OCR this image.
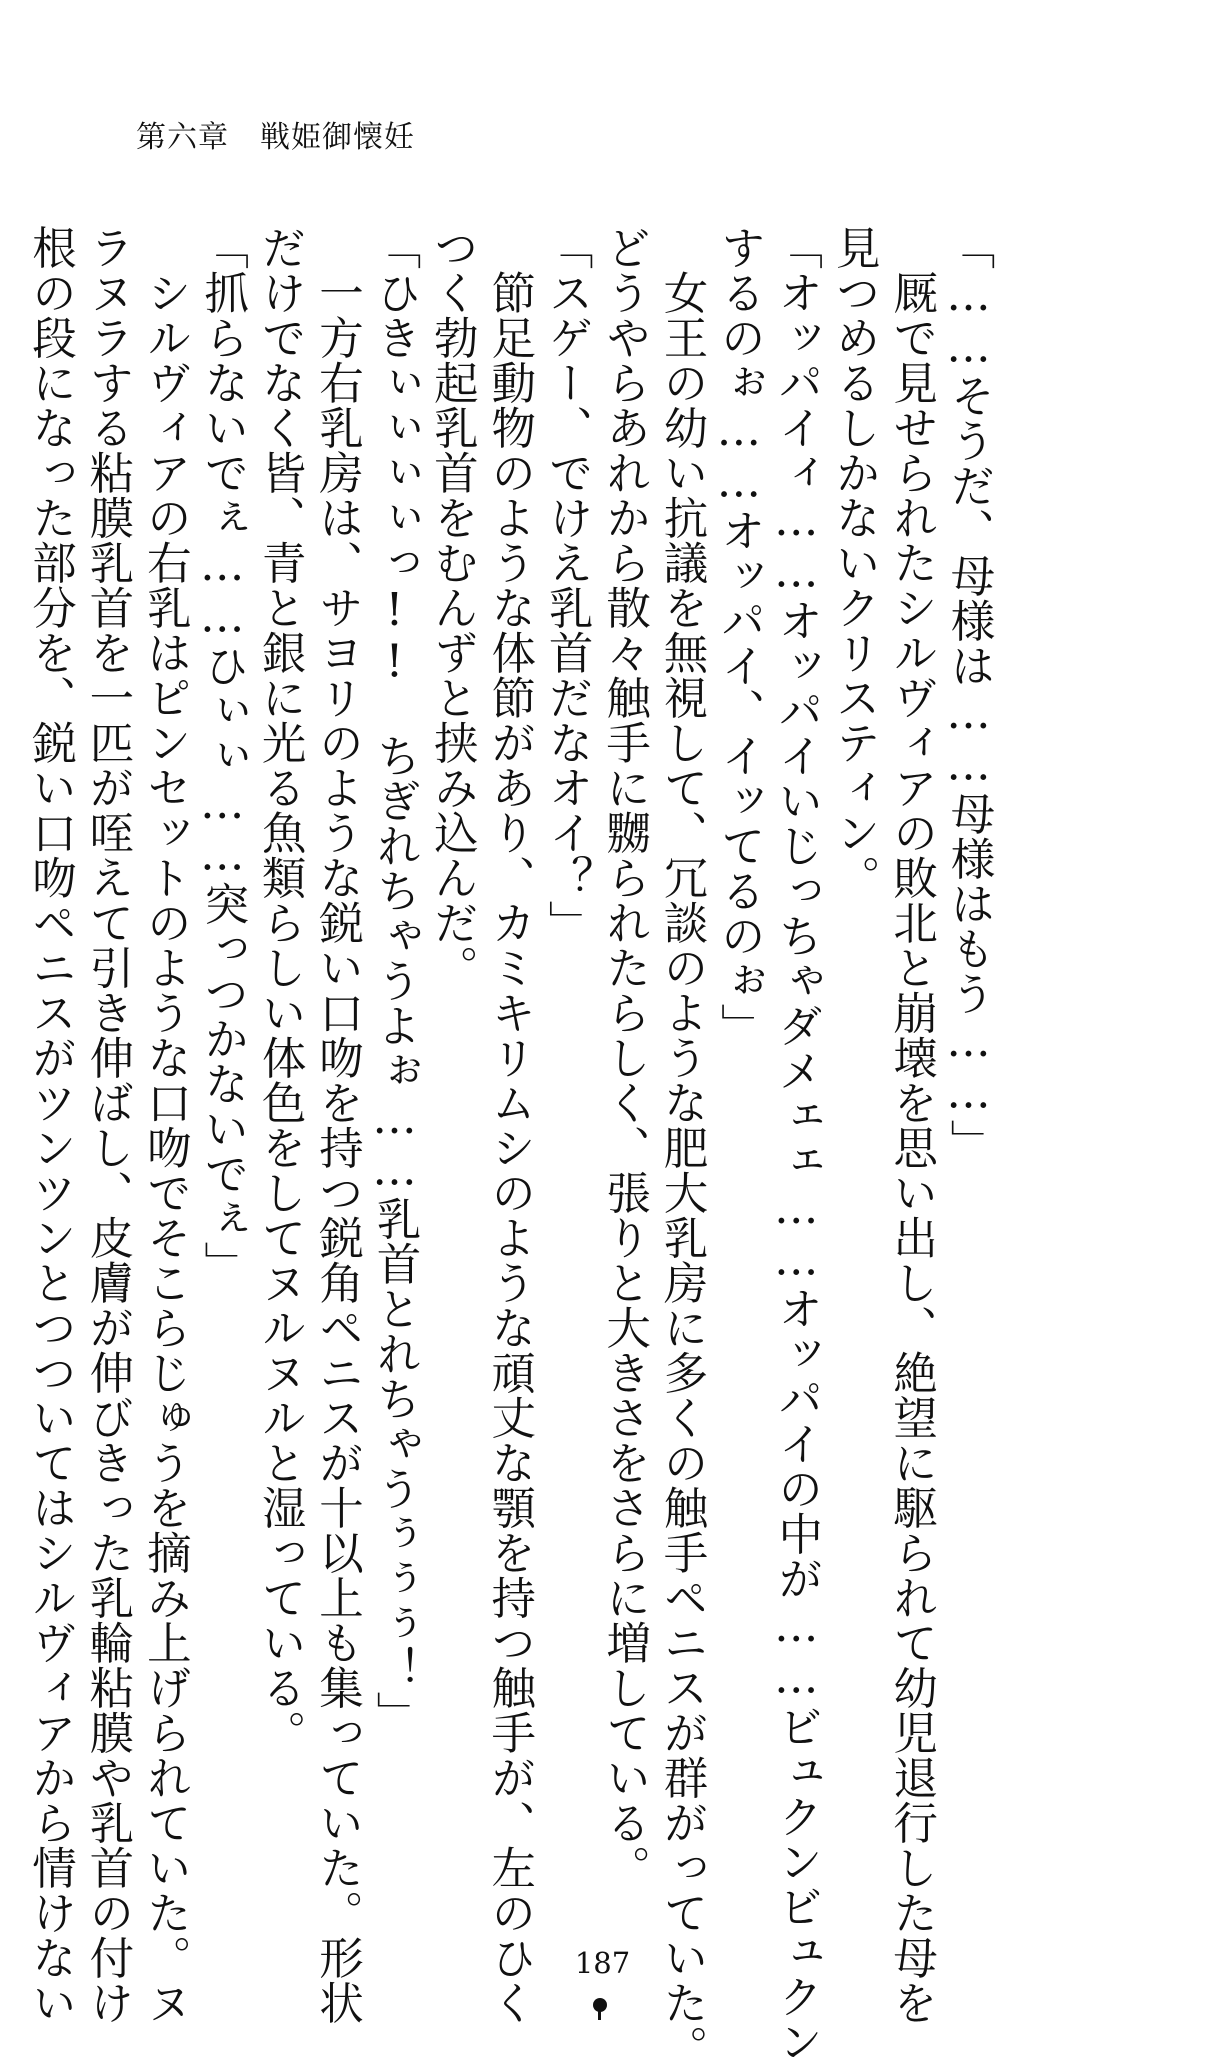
第六章　戦姫御懐妊
「……そうだ、母様は……母様はもう……」
　厩で見せられたシルヴィアの敗北と崩壊を思い出し、絶望に駆られて幼児退行した母を
見つめるしかないクリスティン。
「オッパイィ……オッパイいじっちゃダメェェ……オッパイの中が……ビュクンビュクン
するのぉ……オッパイ、イッてるのぉ」
　女王の幼い抗議を無視して、冗談のような肥大乳房に多くの触手ペニスが群がっていた。
どうやらあれから散々触手に嬲られたらしく、張りと大きさをさらに増している。
「スゲー、でけえ乳首だなオイ？」
　節足動物のような体節があり、カミキリムシのような頑丈な顎を持つ触手が、左のひく
つく勃起乳首をむんずと挟み込んだ。
「ひきぃぃぃぃっ!!　ちぎれちゃうよぉ……乳首とれちゃうぅぅぅ！」
　一方右乳房は、サヨリのような鋭い口吻を持つ鋭角ペニスが十以上も集っていた。形状
だけでなく皆、青と銀に光る魚類らしい体色をしてヌルヌルと湿っている。
「抓らないでぇ……ひぃぃ……突っつかないでぇ」
　シルヴィアの右乳はピンセットのような口吻でそこらじゅうを摘み上げられていた。ヌ
ラヌラする粘膜乳首を一匹が咥えて引き伸ばし、皮膚が伸びきった乳輪粘膜や乳首の付け
根の段になった部分を、鋭い口吻ペニスがツンツンとつついてはシルヴィアから情けない	187
